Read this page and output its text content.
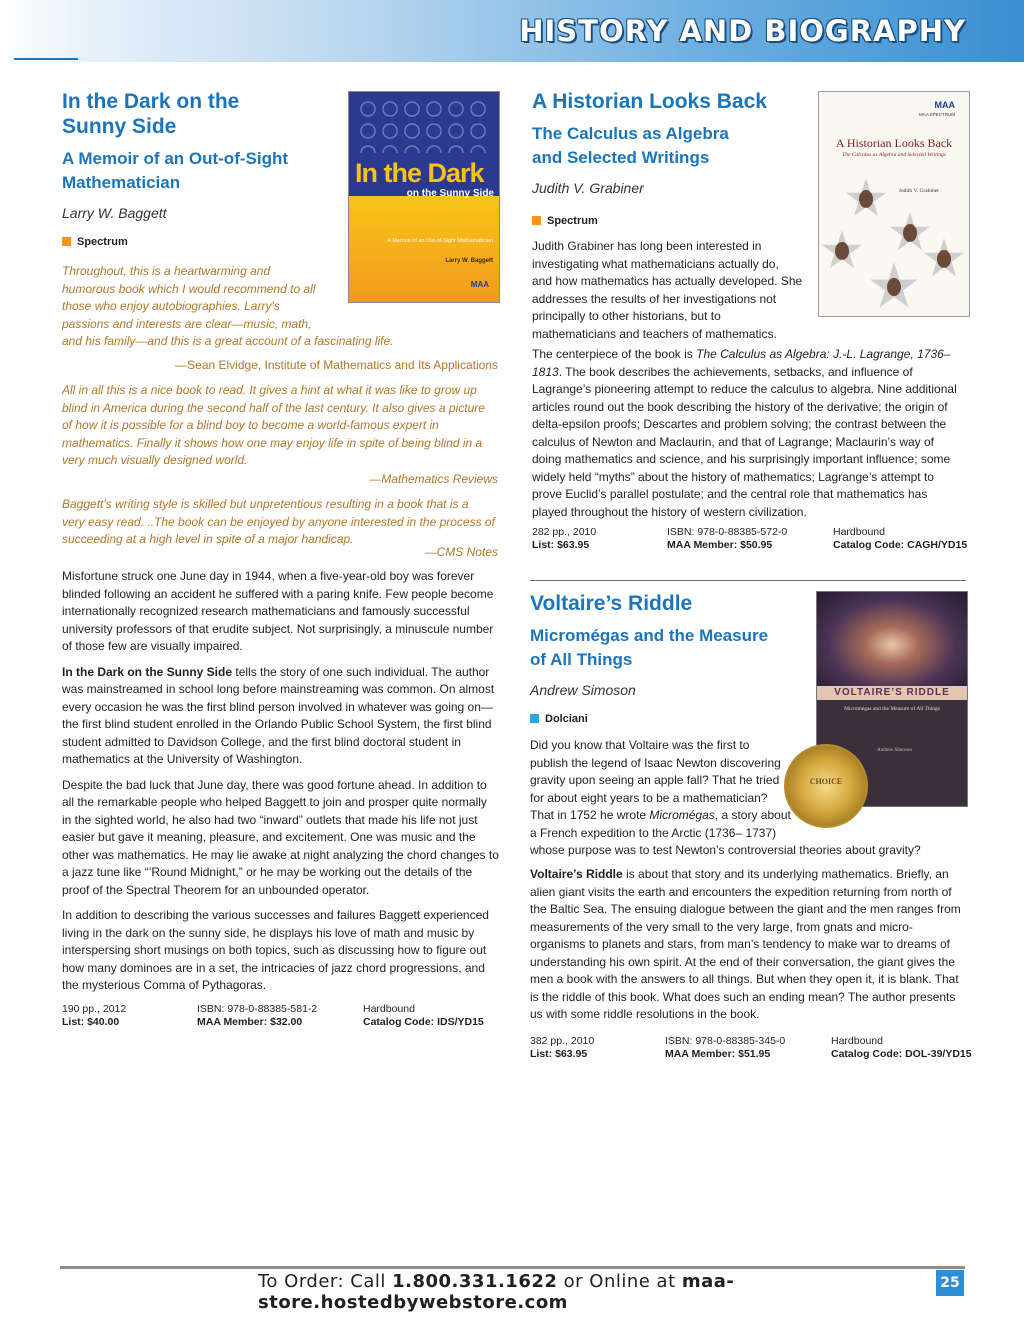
HISTORY AND BIOGRAPHY
In the Dark on the
Sunny Side
A Memoir of an Out-of-Sight
Mathematician
Larry W. Baggett
Spectrum
In the Dark
on the Sunny Side
A Memoir of an Out-of-Sight Mathematician
Larry W. Baggett
MAA
Throughout, this is a heartwarming and
humorous book which I would recommend to all
those who enjoy autobiographies. Larry's
passions and interests are clear—music, math,
and his family—and this is a great account of a fascinating life.
—Sean Elvidge, Institute of Mathematics and Its Applications
All in all this is a nice book to read. It gives a hint at what it was like to grow up
blind in America during the second half of the last century. It also gives a picture
of how it is possible for a blind boy to become a world-famous expert in
mathematics. Finally it shows how one may enjoy life in spite of being blind in a
very much visually designed world.
—Mathematics Reviews
Baggett's writing style is skilled but unpretentious resulting in a book that is a
very easy read. ..The book can be enjoyed by anyone interested in the process of
succeeding at a high level in spite of a major handicap.
—CMS Notes

Misfortune struck one June day in 1944, when a five-year-old boy was forever blinded following an accident he suffered with a paring knife. Few people become internationally recognized research mathematicians and famously successful university professors of that erudite subject. Not surprisingly, a minuscule number of those few are visually impaired.

In the Dark on the Sunny Side tells the story of one such individual. The author was mainstreamed in school long before mainstreaming was common. On almost every occasion he was the first blind person involved in whatever was going on—the first blind student enrolled in the Orlando Public School System, the first blind student admitted to Davidson College, and the first blind doctoral student in mathematics at the University of Washington.

Despite the bad luck that June day, there was good fortune ahead. In addition to all the remarkable people who helped Baggett to join and prosper quite normally in the sighted world, he also had two “inward” outlets that made his life not just easier but gave it meaning, pleasure, and excitement. One was music and the other was mathematics. He may lie awake at night analyzing the chord changes to a jazz tune like “’Round Midnight,” or he may be working out the details of the proof of the Spectral Theorem for an unbounded operator.

In addition to describing the various successes and failures Baggett experienced living in the dark on the sunny side, he displays his love of math and music by interspersing short musings on both topics, such as discussing how to figure out how many dominoes are in a set, the intricacies of jazz chord progressions, and the mysterious Comma of Pythagoras.

190 pp., 2012
List: $40.00
ISBN: 978-0-88385-581-2
MAA Member: $32.00
Hardbound
Catalog Code: IDS/YD15
A Historian Looks Back
The Calculus as Algebra
and Selected Writings
Judith V. Grabiner
Spectrum
MAA
MAA SPECTRUM
A Historian Looks Back
The Calculus as Algebra and Selected Writings
Judith V. Grabiner
Judith Grabiner has long been interested in
investigating what mathematicians actually do,
and how mathematics has actually developed. She
addresses the results of her investigations not
principally to other historians, but to
mathematicians and teachers of mathematics.
The centerpiece of the book is The Calculus as Algebra: J.-L. Lagrange, 1736–1813. The book describes the achievements, setbacks, and influence of Lagrange’s pioneering attempt to reduce the calculus to algebra. Nine additional articles round out the book describing the history of the derivative; the origin of delta-epsilon proofs; Descartes and problem solving; the contrast between the calculus of Newton and Maclaurin, and that of Lagrange; Maclaurin’s way of doing mathematics and science, and his surprisingly important influence; some widely held “myths” about the history of mathematics; Lagrange’s attempt to prove Euclid’s parallel postulate; and the central role that mathematics has played throughout the history of western civilization.
282 pp., 2010
List: $63.95
ISBN: 978-0-88385-572-0
MAA Member: $50.95
Hardbound
Catalog Code: CAGH/YD15
Voltaire’s Riddle
Micromégas and the Measure
of All Things
Andrew Simoson
Dolciani
VOLTAIRE’S RIDDLE
Micromégas and the Measure of All Things
Andrew Simoson
CHOICE
Did you know that Voltaire was the first to
publish the legend of Isaac Newton discovering
gravity upon seeing an apple fall? That he tried
for about eight years to be a mathematician?
That in 1752 he wrote Micromégas, a story about
a French expedition to the Arctic (1736– 1737)
whose purpose was to test Newton’s controversial theories about gravity?
Voltaire’s Riddle is about that story and its underlying mathematics. Briefly, an alien giant visits the earth and encounters the expedition returning from north of the Baltic Sea. The ensuing dialogue between the giant and the men ranges from measurements of the very small to the very large, from gnats and micro-organisms to planets and stars, from man’s tendency to make war to dreams of understanding his own spirit. At the end of their conversation, the giant gives the men a book with the answers to all things. But when they open it, it is blank. That is the riddle of this book. What does such an ending mean? The author presents us with some riddle resolutions in the book.
382 pp., 2010
List: $63.95
ISBN: 978-0-88385-345-0
MAA Member: $51.95
Hardbound
Catalog Code: DOL-39/YD15
To Order: Call 1.800.331.1622 or Online at maa-store.hostedbywebstore.com
25
